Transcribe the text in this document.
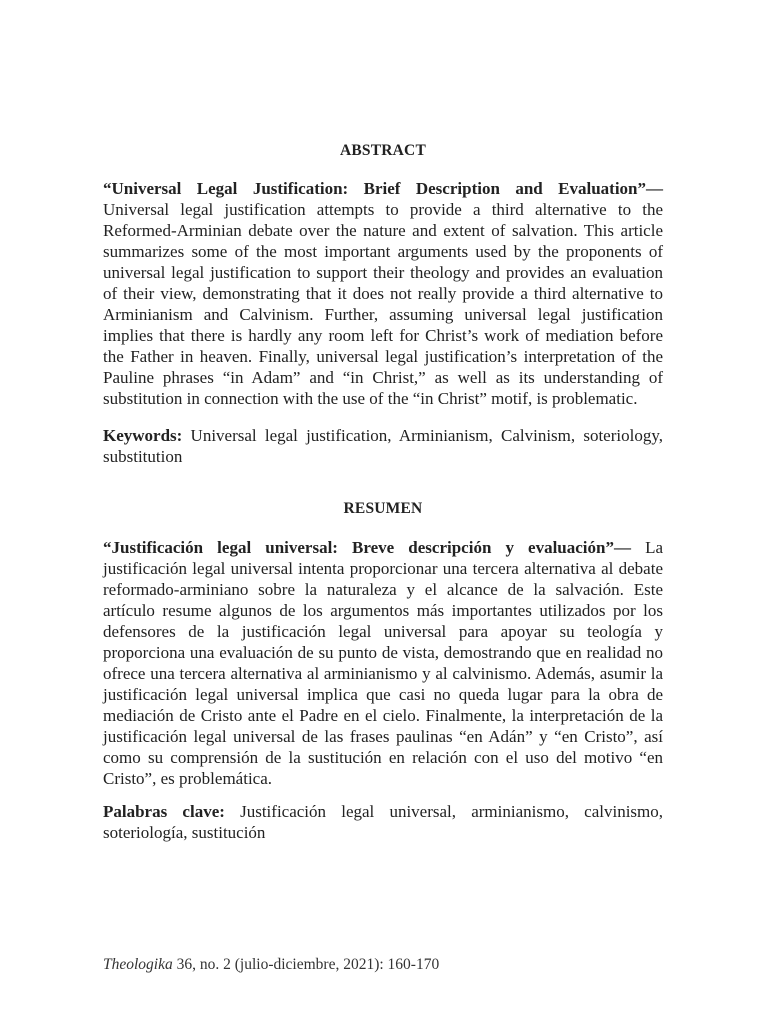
ABSTRACT

“Universal Legal Justification: Brief Description and Evaluation”— Universal legal justification attempts to provide a third alternative to the Reformed-Arminian debate over the nature and extent of salvation. This article summarizes some of the most important arguments used by the proponents of universal legal justification to support their theology and provides an evaluation of their view, demonstrating that it does not really provide a third alternative to Arminianism and Calvinism. Further, assuming universal legal justification implies that there is hardly any room left for Christ’s work of mediation before the Father in heaven. Finally, universal legal justification’s interpretation of the Pauline phrases “in Adam” and “in Christ,” as well as its understanding of substitution in connection with the use of the “in Christ” motif, is problematic.

Keywords: Universal legal justification, Arminianism, Calvinism, soteriology, substitution

RESUMEN

“Justificación legal universal: Breve descripción y evaluación”— La justificación legal universal intenta proporcionar una tercera alternativa al debate reformado-arminiano sobre la naturaleza y el alcance de la salvación. Este artículo resume algunos de los argumentos más importantes utilizados por los defensores de la justificación legal universal para apoyar su teología y proporciona una evaluación de su punto de vista, demostrando que en realidad no ofrece una tercera alternativa al arminianismo y al calvinismo. Además, asumir la justificación legal universal implica que casi no queda lugar para la obra de mediación de Cristo ante el Padre en el cielo. Finalmente, la interpretación de la justificación legal universal de las frases paulinas “en Adán” y “en Cristo”, así como su comprensión de la sustitución en relación con el uso del motivo “en Cristo”, es problemática.

Palabras clave: Justificación legal universal, arminianismo, calvinismo, soteriología, sustitución

Theologika 36, no. 2 (julio-diciembre, 2021): 160-170
